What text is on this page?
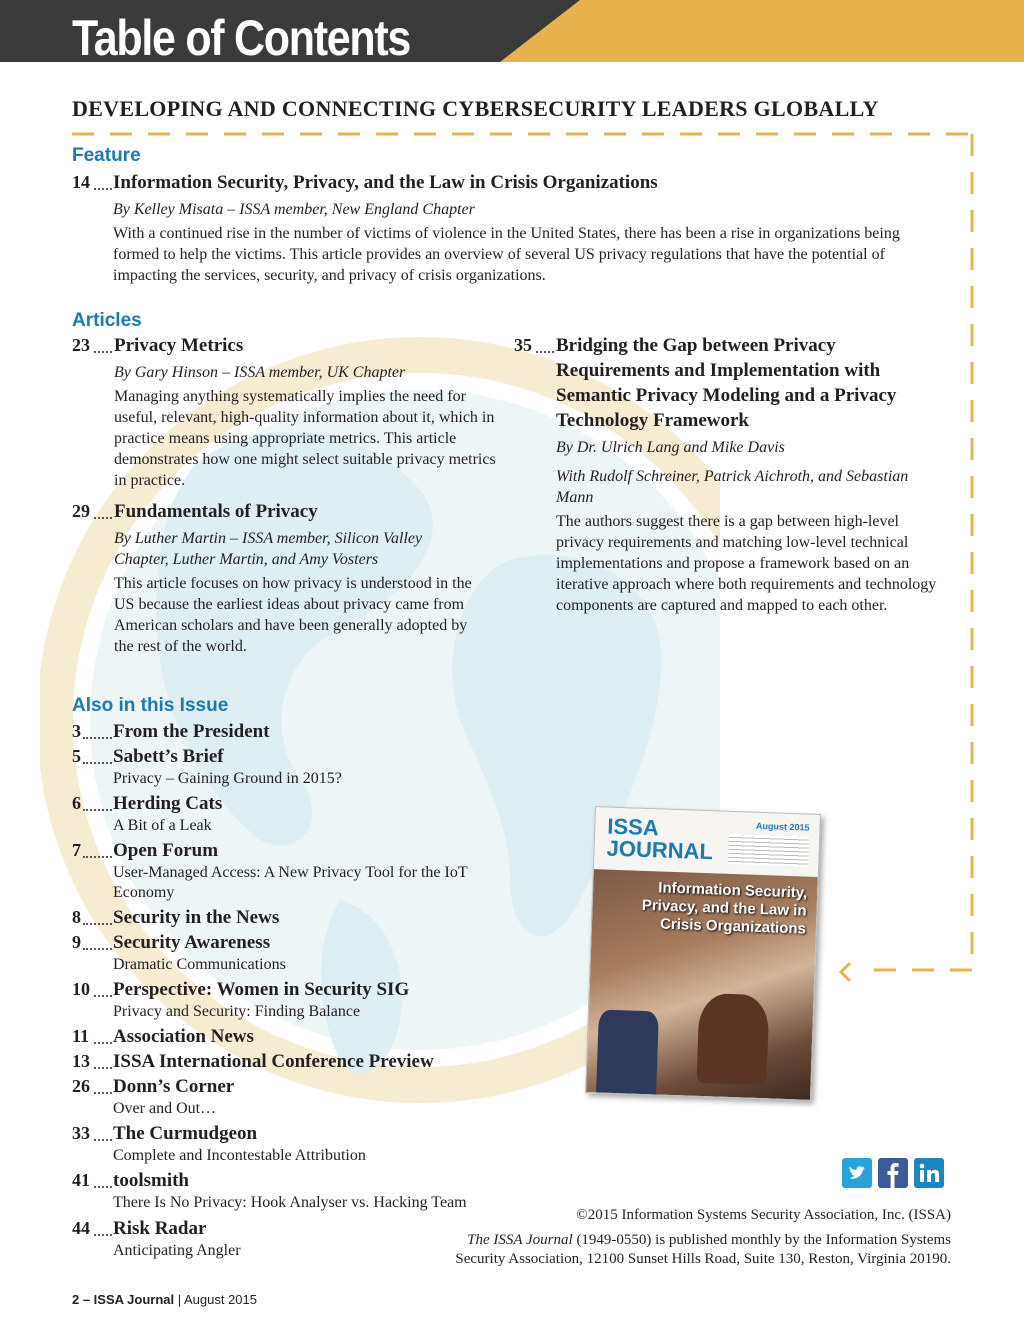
Table of Contents
DEVELOPING AND CONNECTING CYBERSECURITY LEADERS GLOBALLY
Feature
14 Information Security, Privacy, and the Law in Crisis Organizations
By Kelley Misata – ISSA member, New England Chapter
With a continued rise in the number of victims of violence in the United States, there has been a rise in organizations being formed to help the victims. This article provides an overview of several US privacy regulations that have the potential of impacting the services, security, and privacy of crisis organizations.
Articles
23 Privacy Metrics
By Gary Hinson – ISSA member, UK Chapter
Managing anything systematically implies the need for useful, relevant, high-quality information about it, which in practice means using appropriate metrics. This article demonstrates how one might select suitable privacy metrics in practice.
29 Fundamentals of Privacy
By Luther Martin – ISSA member, Silicon Valley Chapter, Luther Martin, and Amy Vosters
This article focuses on how privacy is understood in the US because the earliest ideas about privacy came from American scholars and have been generally adopted by the rest of the world.
35 Bridging the Gap between Privacy Requirements and Implementation with Semantic Privacy Modeling and a Privacy Technology Framework
By Dr. Ulrich Lang and Mike Davis
With Rudolf Schreiner, Patrick Aichroth, and Sebastian Mann
The authors suggest there is a gap between high-level privacy requirements and matching low-level technical implementations and propose a framework based on an iterative approach where both requirements and technology components are captured and mapped to each other.
Also in this Issue
3 From the President
5 Sabett’s Brief
Privacy – Gaining Ground in 2015?
6 Herding Cats
A Bit of a Leak
7 Open Forum
User-Managed Access: A New Privacy Tool for the IoT
Economy
8 Security in the News
9 Security Awareness
Dramatic Communications
10 Perspective: Women in Security SIG
Privacy and Security: Finding Balance
11 Association News
13 ISSA International Conference Preview
26 Donn’s Corner
Over and Out…
33 The Curmudgeon
Complete and Incontestable Attribution
41 toolsmith
There Is No Privacy: Hook Analyser vs. Hacking Team
44 Risk Radar
Anticipating Angler
ISSA JOURNAL
August 2015
Information Security, Privacy, and the Law in Crisis Organizations
©2015 Information Systems Security Association, Inc. (ISSA)
The ISSA Journal (1949-0550) is published monthly by the Information Systems
Security Association, 12100 Sunset Hills Road, Suite 130, Reston, Virginia 20190.
2 – ISSA Journal | August 2015
